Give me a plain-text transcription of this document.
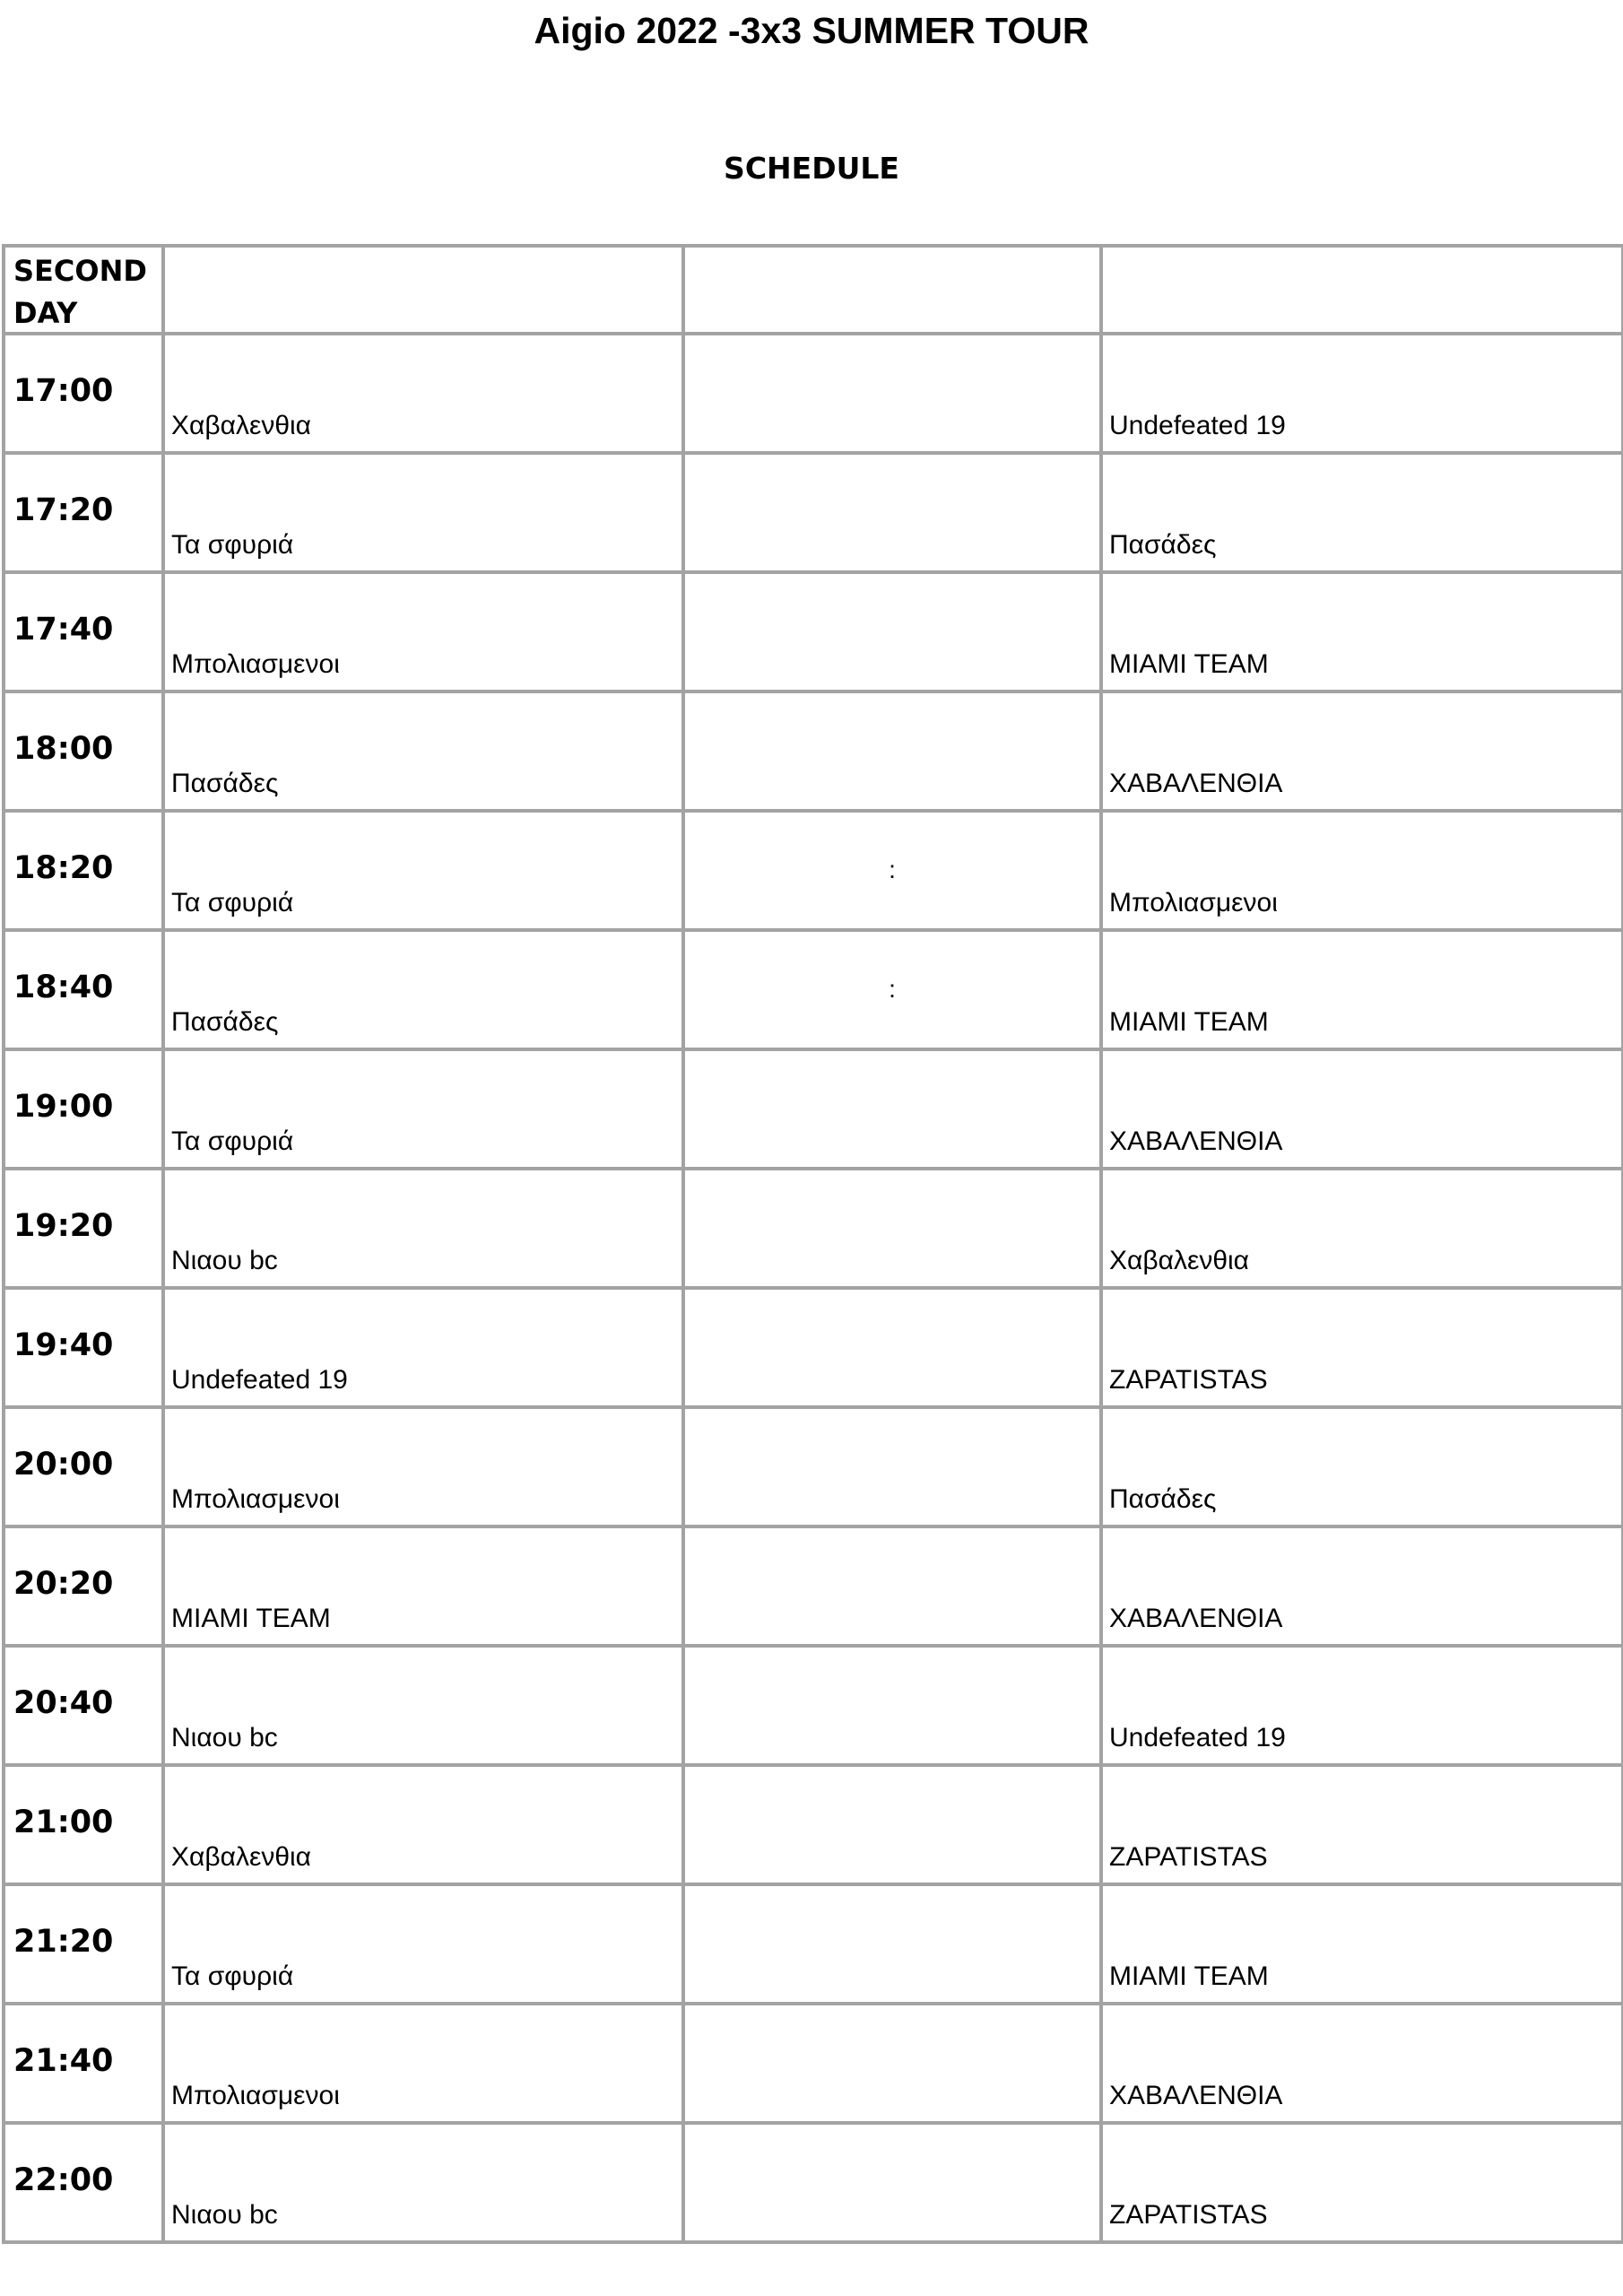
Aigio 2022 -3x3 SUMMER TOUR
SCHEDULE
SECOND DAY			

17:00	Χαβαλενθια		Undefeated 19

17:20	Τα σφυριά		Πασάδες

17:40	Μπολιασμενοι		MIAMI TEAM

18:00	Πασάδες		ΧΑΒΑΛΕΝΘΙΑ

18:20	Τα σφυριά	:	Μπολιασμενοι

18:40	Πασάδες	:	MIAMI TEAM

19:00	Τα σφυριά		ΧΑΒΑΛΕΝΘΙΑ

19:20	Νιαου bc		Χαβαλενθια

19:40	Undefeated 19		ZAPATISTAS

20:00	Μπολιασμενοι		Πασάδες

20:20	MIAMI TEAM		ΧΑΒΑΛΕΝΘΙΑ

20:40	Νιαου bc		Undefeated 19

21:00	Χαβαλενθια		ZAPATISTAS

21:20	Τα σφυριά		MIAMI TEAM

21:40	Μπολιασμενοι		ΧΑΒΑΛΕΝΘΙΑ

22:00	Νιαου bc		ZAPATISTAS
